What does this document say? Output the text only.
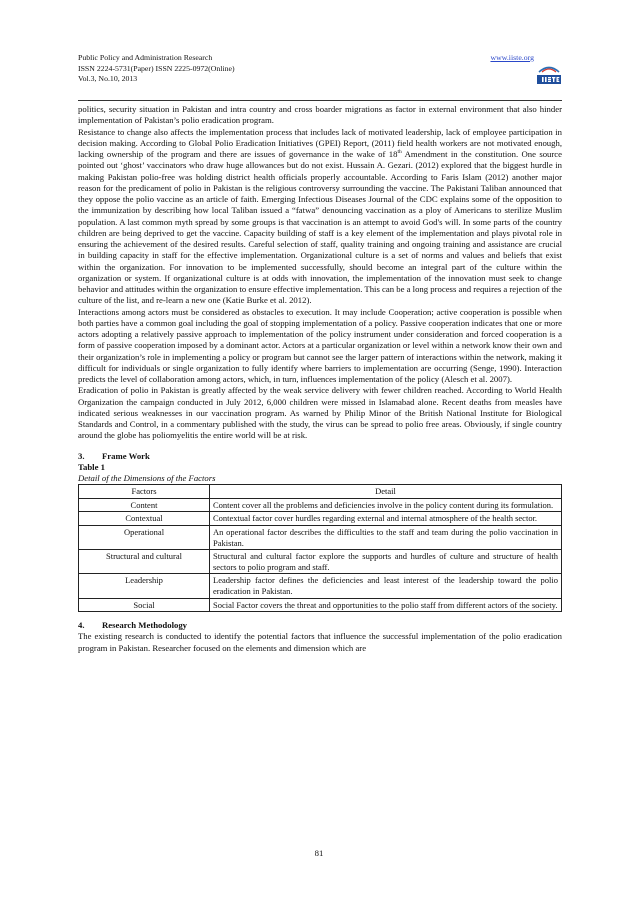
Public Policy and Administration Research
ISSN 2224-5731(Paper) ISSN 2225-0972(Online)
Vol.3, No.10, 2013
www.iiste.org

politics, security situation in Pakistan and intra country and cross boarder migrations as factor in external environment that also hinder implementation of Pakistan’s polio eradication program.

Resistance to change also affects the implementation process that includes lack of motivated leadership, lack of employee participation in decision making. According to Global Polio Eradication Initiatives (GPEI) Report, (2011) field health workers are not motivated enough, lacking ownership of the program and there are issues of governance in the wake of 18th Amendment in the constitution. One source pointed out ‘ghost’ vaccinators who draw huge allowances but do not exist. Hussain A. Gezari. (2012) explored that the biggest hurdle in making Pakistan polio-free was holding district health officials properly accountable. According to Faris Islam (2012) another major reason for the predicament of polio in Pakistan is the religious controversy surrounding the vaccine. The Pakistani Taliban announced that they oppose the polio vaccine as an article of faith. Emerging Infectious Diseases Journal of the CDC explains some of the opposition to the immunization by describing how local Taliban issued a “fatwa” denouncing vaccination as a ploy of Americans to sterilize Muslim population. A last common myth spread by some groups is that vaccination is an attempt to avoid God's will. In some parts of the country children are being deprived to get the vaccine. Capacity building of staff is a key element of the implementation and plays pivotal role in ensuring the achievement of the desired results. Careful selection of staff, quality training and ongoing training and assistance are crucial in building capacity in staff for the effective implementation. Organizational culture is a set of norms and values and beliefs that exist within the organization. For innovation to be implemented successfully, should become an integral part of the culture within the organization or system. If organizational culture is at odds with innovation, the implementation of the innovation must seek to change behavior and attitudes within the organization to ensure effective implementation. This can be a long process and requires a rejection of the culture of the list, and re-learn a new one (Katie Burke et al. 2012).

Interactions among actors must be considered as obstacles to execution. It may include Cooperation; active cooperation is possible when both parties have a common goal including the goal of stopping implementation of a policy. Passive cooperation indicates that one or more actors adopting a relatively passive approach to implementation of the policy instrument under consideration and forced cooperation is a form of passive cooperation imposed by a dominant actor. Actors at a particular organization or level within a network know their own and their organization’s role in implementing a policy or program but cannot see the larger pattern of interactions within the network, making it difficult for individuals or single organization to fully identify where barriers to implementation are occurring (Senge, 1990). Interaction predicts the level of collaboration among actors, which, in turn, influences implementation of the policy (Alesch et al. 2007).

Eradication of polio in Pakistan is greatly affected by the weak service delivery with fewer children reached. According to World Health Organization the campaign conducted in July 2012, 6,000 children were missed in Islamabad alone. Recent deaths from measles have indicated serious weaknesses in our vaccination program. As warned by Philip Minor of the British National Institute for Biological Standards and Control, in a commentary published with the study, the virus can be spread to polio free areas. Obviously, if single country around the globe has poliomyelitis the entire world will be at risk.

3. Frame Work
Table 1
Detail of the Dimensions of the Factors
Factors	Detail
Content	Content cover all the problems and deficiencies involve in the policy content during its formulation.
Contextual	Contextual factor cover hurdles regarding external and internal atmosphere of the health sector.
Operational	An operational factor describes the difficulties to the staff and team during the polio vaccination in Pakistan.
Structural and cultural	Structural and cultural factor explore the supports and hurdles of culture and structure of health sectors to polio program and staff.
Leadership	Leadership factor defines the deficiencies and least interest of the leadership toward the polio eradication in Pakistan.
Social	Social Factor covers the threat and opportunities to the polio staff from different actors of the society.
4. Research Methodology

The existing research is conducted to identify the potential factors that influence the successful implementation of the polio eradication program in Pakistan. Researcher focused on the elements and dimension which are

81
